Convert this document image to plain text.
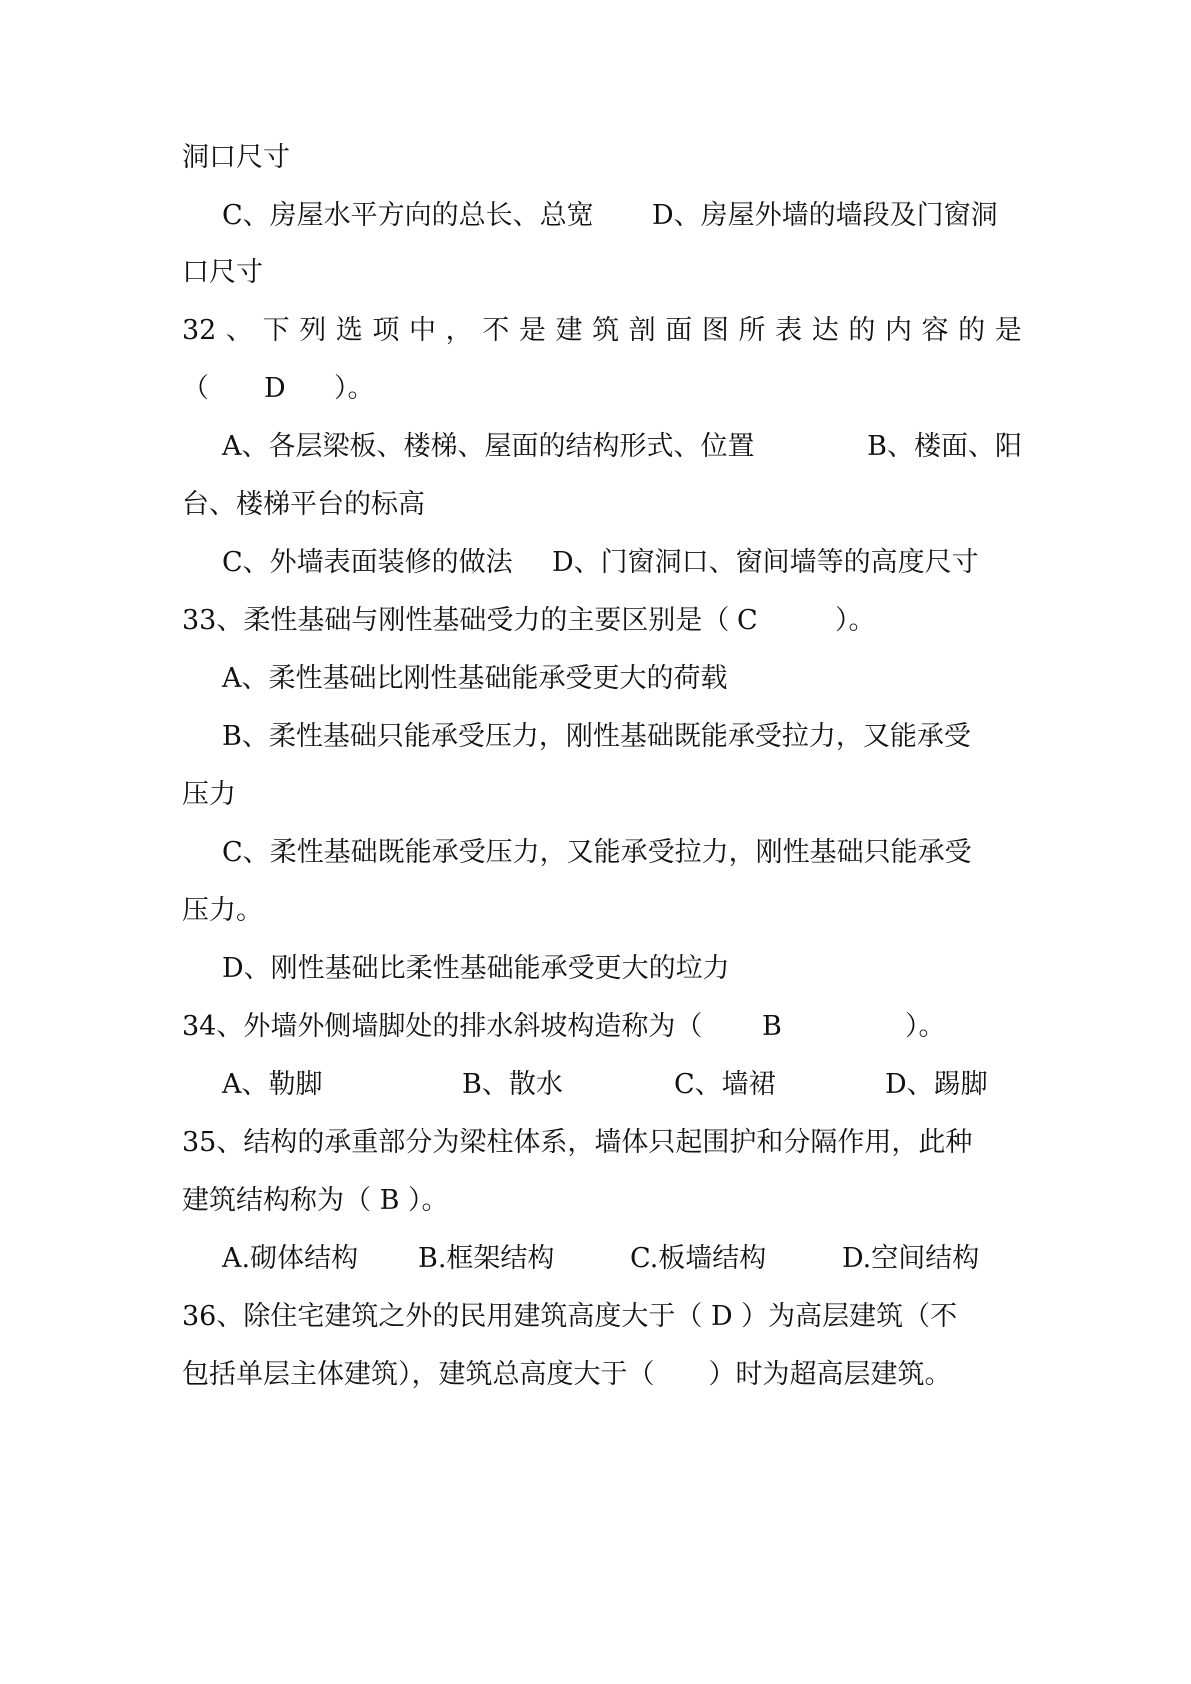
洞口尺寸

C、房屋水平方向的总长、总宽	D、房屋外墙的墙段及门窗洞

口尺寸

32 、 下 列 选 项 中 ， 不 是 建 筑 剖 面 图 所 表 达 的 内 容 的 是
（	D	）。
A、各层梁板、楼梯、屋面的结构形式、位置	B、楼面、阳

台、楼梯平台的标高

C、外墙表面装修的做法	D、门窗洞口、窗间墙等的高度尺寸
33、柔性基础与刚性基础受力的主要区别是（ C	）。

A、柔性基础比刚性基础能承受更大的荷载

B、柔性基础只能承受压力，刚性基础既能承受拉力，又能承受

压力

C、柔性基础既能承受压力，又能承受拉力，刚性基础只能承受

压力。

D、刚性基础比柔性基础能承受更大的垃力

34、外墙外侧墙脚处的排水斜坡构造称为（	B	）。
A、勒脚	B、散水	C、墙裙	D、踢脚

35、结构的承重部分为梁柱体系，墙体只起围护和分隔作用，此种

建筑结构称为（ B ）。

A.砌体结构	B.框架结构	C.板墙结构	D.空间结构

36、除住宅建筑之外的民用建筑高度大于（ D ）为高层建筑（不

包括单层主体建筑），建筑总高度大于（　　）时为超高层建筑。
